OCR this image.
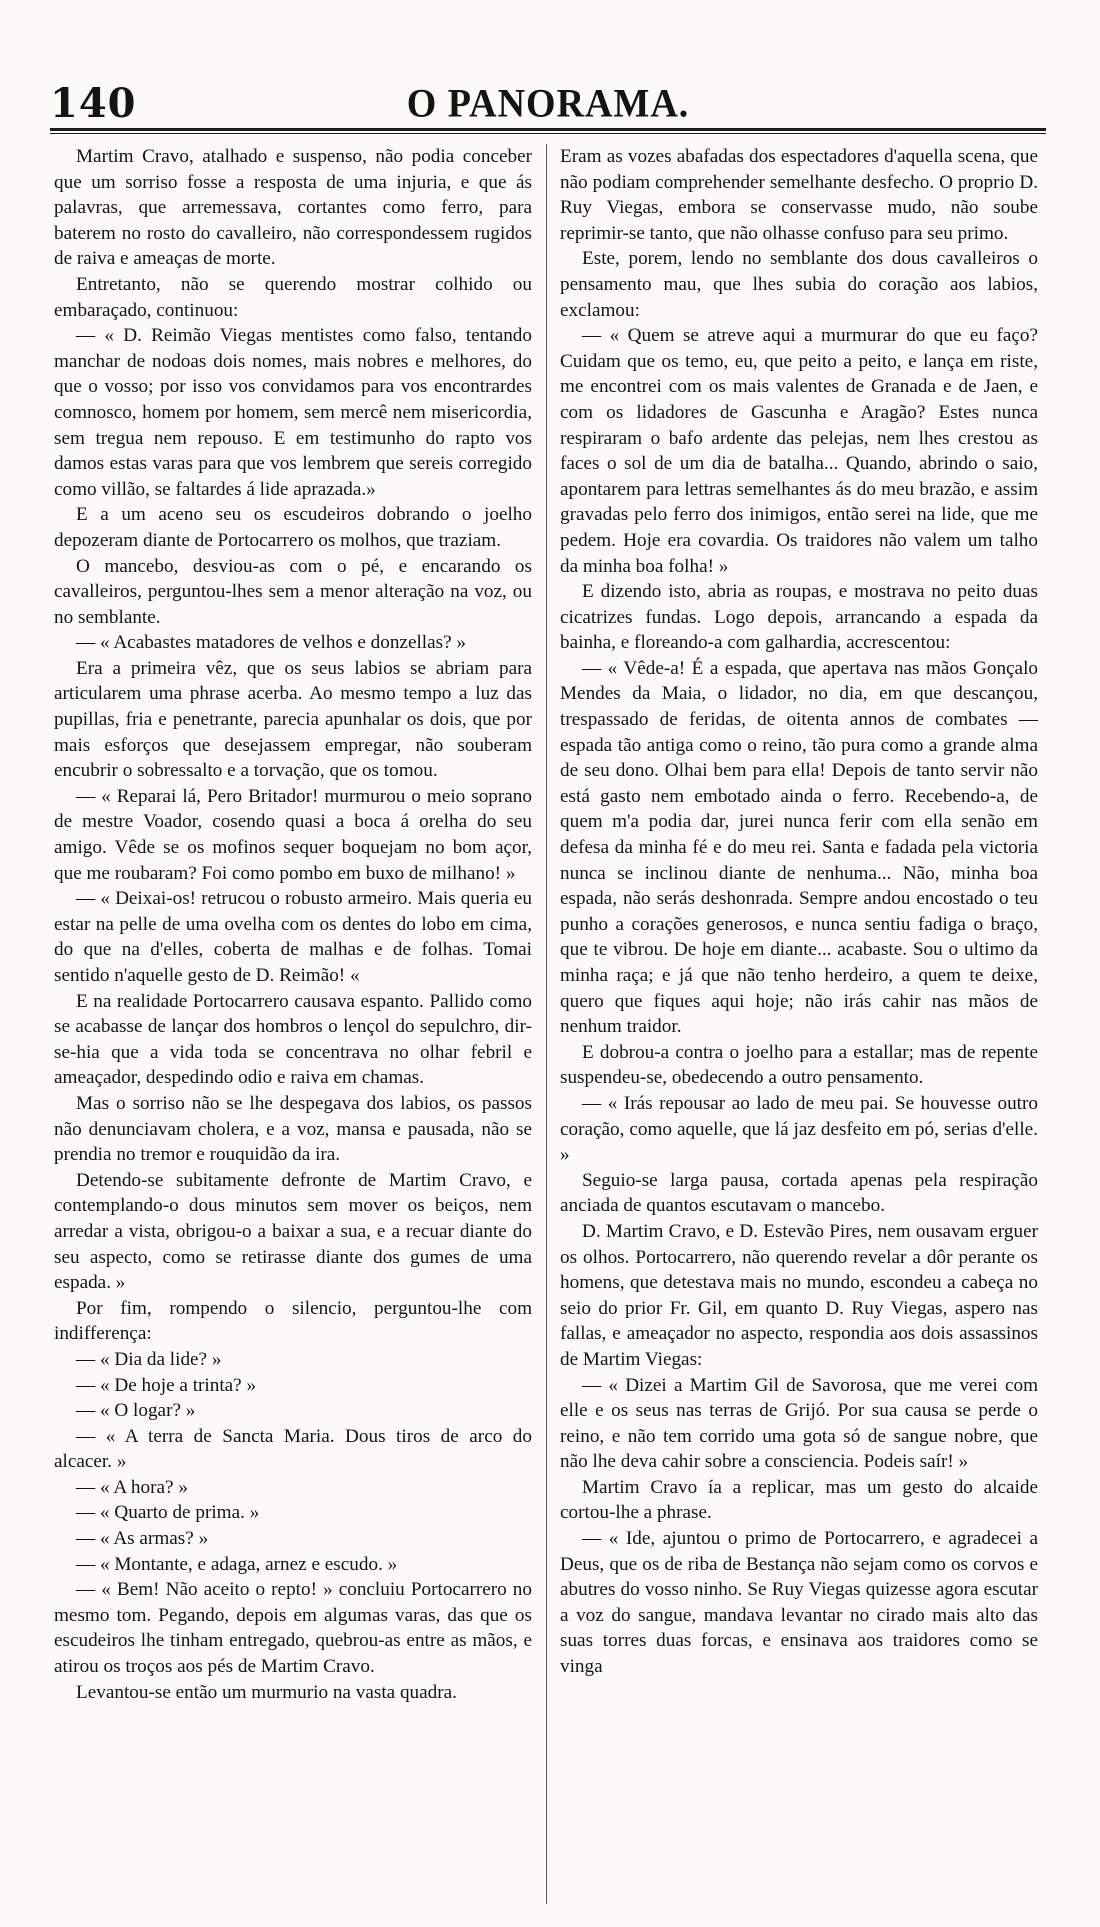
140	O PANORAMA.

Martim Cravo, atalhado e suspenso, não podia conceber que um sorriso fosse a resposta de uma injuria, e que ás palavras, que arremessava, cortantes como ferro, para baterem no rosto do cavalleiro, não correspondessem rugidos de raiva e ameaças de morte.

Entretanto, não se querendo mostrar colhido ou embaraçado, continuou:

— « D. Reimão Viegas mentistes como falso, tentando manchar de nodoas dois nomes, mais nobres e melhores, do que o vosso; por isso vos convidamos para vos encontrardes comnosco, homem por homem, sem mercê nem misericordia, sem tregua nem repouso. E em testimunho do rapto vos damos estas varas para que vos lembrem que sereis corregido como villão, se faltardes á lide aprazada.»

E a um aceno seu os escudeiros dobrando o joelho depozeram diante de Portocarrero os molhos, que traziam.

O mancebo, desviou-as com o pé, e encarando os cavalleiros, perguntou-lhes sem a menor alteração na voz, ou no semblante.

— « Acabastes matadores de velhos e donzellas? »

Era a primeira vêz, que os seus labios se abriam para articularem uma phrase acerba. Ao mesmo tempo a luz das pupillas, fria e penetrante, parecia apunhalar os dois, que por mais esforços que desejassem empregar, não souberam encubrir o sobressalto e a torvação, que os tomou.

— « Reparai lá, Pero Britador! murmurou o meio soprano de mestre Voador, cosendo quasi a boca á orelha do seu amigo. Vêde se os mofinos sequer boquejam no bom açor, que me roubaram? Foi como pombo em buxo de milhano! »

— « Deixai-os! retrucou o robusto armeiro. Mais queria eu estar na pelle de uma ovelha com os dentes do lobo em cima, do que na d'elles, coberta de malhas e de folhas. Tomai sentido n'aquelle gesto de D. Reimão! «

E na realidade Portocarrero causava espanto. Pallido como se acabasse de lançar dos hombros o lençol do sepulchro, dir-se-hia que a vida toda se concentrava no olhar febril e ameaçador, despedindo odio e raiva em chamas.

Mas o sorriso não se lhe despegava dos labios, os passos não denunciavam cholera, e a voz, mansa e pausada, não se prendia no tremor e rouquidão da ira.

Detendo-se subitamente defronte de Martim Cravo, e contemplando-o dous minutos sem mover os beiços, nem arredar a vista, obrigou-o a baixar a sua, e a recuar diante do seu aspecto, como se retirasse diante dos gumes de uma espada. »

Por fim, rompendo o silencio, perguntou-lhe com indifferença:

— « Dia da lide? »

— « De hoje a trinta? »

— « O logar? »

— « A terra de Sancta Maria. Dous tiros de arco do alcacer. »

— « A hora? »

— « Quarto de prima. »

— « As armas? »

— « Montante, e adaga, arnez e escudo. »

— « Bem! Não aceito o repto! » concluiu Portocarrero no mesmo tom. Pegando, depois em algumas varas, das que os escudeiros lhe tinham entregado, quebrou-as entre as mãos, e atirou os troços aos pés de Martim Cravo.

Levantou-se então um murmurio na vasta quadra.

Eram as vozes abafadas dos espectadores d'aquella scena, que não podiam comprehender semelhante desfecho. O proprio D. Ruy Viegas, embora se conservasse mudo, não soube reprimir-se tanto, que não olhasse confuso para seu primo.

Este, porem, lendo no semblante dos dous cavalleiros o pensamento mau, que lhes subia do coração aos labios, exclamou:

— « Quem se atreve aqui a murmurar do que eu faço? Cuidam que os temo, eu, que peito a peito, e lança em riste, me encontrei com os mais valentes de Granada e de Jaen, e com os lidadores de Gascunha e Aragão? Estes nunca respiraram o bafo ardente das pelejas, nem lhes crestou as faces o sol de um dia de batalha... Quando, abrindo o saio, apontarem para lettras semelhantes ás do meu brazão, e assim gravadas pelo ferro dos inimigos, então serei na lide, que me pedem. Hoje era covardia. Os traidores não valem um talho da minha boa folha! »

E dizendo isto, abria as roupas, e mostrava no peito duas cicatrizes fundas. Logo depois, arrancando a espada da bainha, e floreando-a com galhardia, accrescentou:

— « Vêde-a! É a espada, que apertava nas mãos Gonçalo Mendes da Maia, o lidador, no dia, em que descançou, trespassado de feridas, de oitenta annos de combates — espada tão antiga como o reino, tão pura como a grande alma de seu dono. Olhai bem para ella! Depois de tanto servir não está gasto nem embotado ainda o ferro. Recebendo-a, de quem m'a podia dar, jurei nunca ferir com ella senão em defesa da minha fé e do meu rei. Santa e fadada pela victoria nunca se inclinou diante de nenhuma... Não, minha boa espada, não serás deshonrada. Sempre andou encostado o teu punho a corações generosos, e nunca sentiu fadiga o braço, que te vibrou. De hoje em diante... acabaste. Sou o ultimo da minha raça; e já que não tenho herdeiro, a quem te deixe, quero que fiques aqui hoje; não irás cahir nas mãos de nenhum traidor.

E dobrou-a contra o joelho para a estallar; mas de repente suspendeu-se, obedecendo a outro pensamento.

— « Irás repousar ao lado de meu pai. Se houvesse outro coração, como aquelle, que lá jaz desfeito em pó, serias d'elle. »

Seguio-se larga pausa, cortada apenas pela respiração anciada de quantos escutavam o mancebo.

D. Martim Cravo, e D. Estevão Pires, nem ousavam erguer os olhos. Portocarrero, não querendo revelar a dôr perante os homens, que detestava mais no mundo, escondeu a cabeça no seio do prior Fr. Gil, em quanto D. Ruy Viegas, aspero nas fallas, e ameaçador no aspecto, respondia aos dois assassinos de Martim Viegas:

— « Dizei a Martim Gil de Savorosa, que me verei com elle e os seus nas terras de Grijó. Por sua causa se perde o reino, e não tem corrido uma gota só de sangue nobre, que não lhe deva cahir sobre a consciencia. Podeis saír! »

Martim Cravo ía a replicar, mas um gesto do alcaide cortou-lhe a phrase.

— « Ide, ajuntou o primo de Portocarrero, e agradecei a Deus, que os de riba de Bestança não sejam como os corvos e abutres do vosso ninho. Se Ruy Viegas quizesse agora escutar a voz do sangue, mandava levantar no cirado mais alto das suas torres duas forcas, e ensinava aos traidores como se vinga
